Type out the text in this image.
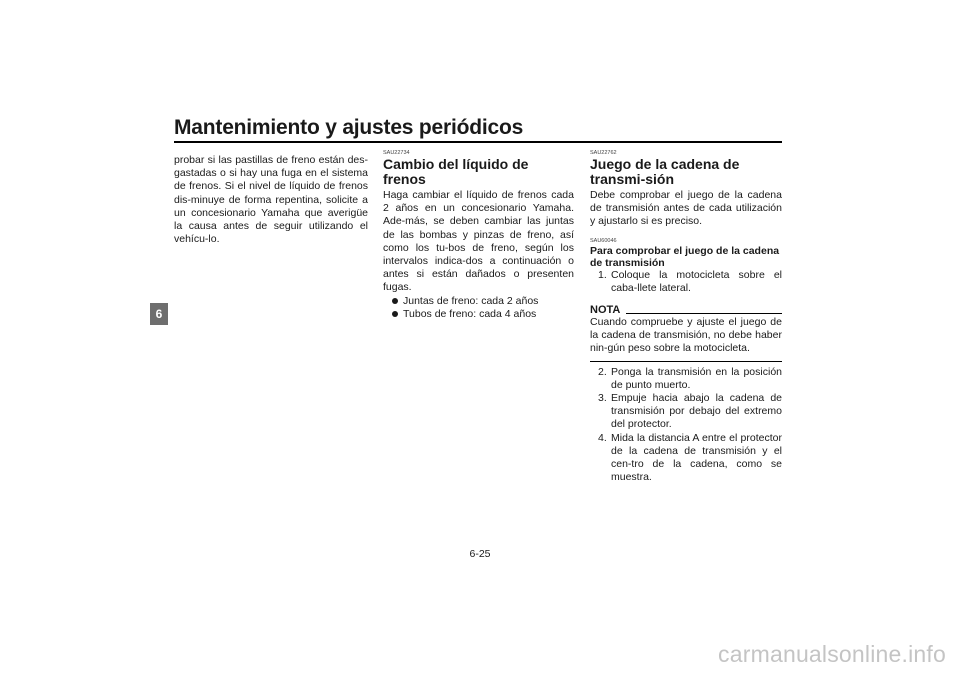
Mantenimiento y ajustes periódicos
6

probar si las pastillas de freno están des-gastadas o si hay una fuga en el sistema de frenos. Si el nivel de líquido de frenos dis-minuye de forma repentina, solicite a un concesionario Yamaha que averigüe la causa antes de seguir utilizando el vehícu-lo.

SAU22734

Cambio del líquido de frenos

Haga cambiar el líquido de frenos cada 2 años en un concesionario Yamaha. Ade-más, se deben cambiar las juntas de las bombas y pinzas de freno, así como los tu-bos de freno, según los intervalos indica-dos a continuación o antes si están dañados o presenten fugas.

Juntas de freno: cada 2 años
Tubos de freno: cada 4 años

SAU22762

Juego de la cadena de transmi-sión

Debe comprobar el juego de la cadena de transmisión antes de cada utilización y ajustarlo si es preciso.

SAU60046

Para comprobar el juego de la cadena de transmisión
1. Coloque la motocicleta sobre el caba-llete lateral.
NOTA

Cuando compruebe y ajuste el juego de la cadena de transmisión, no debe haber nin-gún peso sobre la motocicleta.

2. Ponga la transmisión en la posición de punto muerto.
3. Empuje hacia abajo la cadena de transmisión por debajo del extremo del protector.
4. Mida la distancia A entre el protector de la cadena de transmisión y el cen-tro de la cadena, como se muestra.
6-25
carmanualsonline.info
